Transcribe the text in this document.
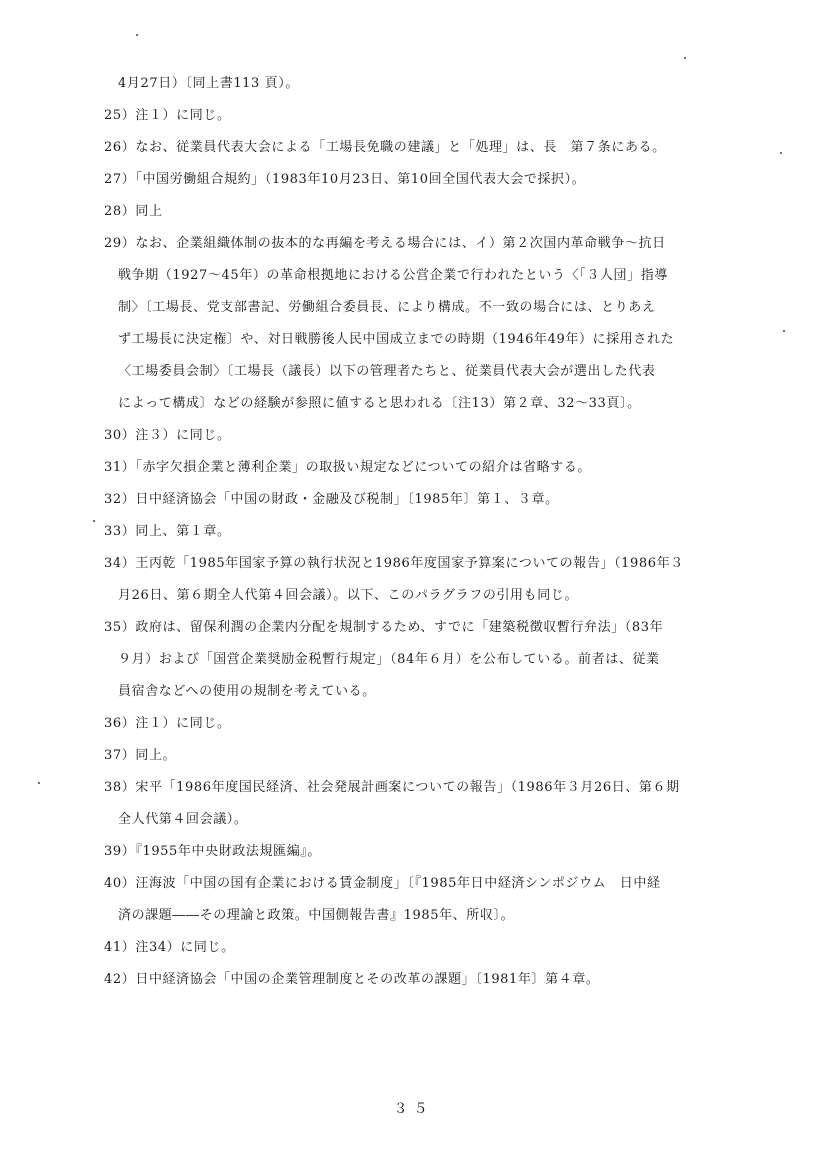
4月27日）〔同上書113 頁）。
25）注１）に同じ。
26）なお、従業員代表大会による「工場長免職の建議」と「処理」は、長　第７条にある。
27）「中国労働組合規約」（1983年10月23日、第10回全国代表大会で採択）。
28）同上
29）なお、企業組織体制の抜本的な再編を考える場合には、イ）第２次国内革命戦争～抗日
戦争期（1927～45年）の革命根拠地における公営企業で行われたという〈「３人団」指導
制〉〔工場長、党支部書記、労働組合委員長、により構成。不一致の場合には、とりあえ
ず工場長に決定権〕や、対日戦勝後人民中国成立までの時期（1946年49年）に採用された
〈工場委員会制〉〔工場長（議長）以下の管理者たちと、従業員代表大会が選出した代表
によって構成〕などの経験が参照に値すると思われる〔注13）第２章、32～33頁〕。
30）注３）に同じ。
31）「赤字欠損企業と薄利企業」の取扱い規定などについての紹介は省略する。
32）日中経済協会「中国の財政・金融及び税制」〔1985年〕第１、３章。
33）同上、第１章。
34）王丙乾「1985年国家予算の執行状況と1986年度国家予算案についての報告」（1986年３
月26日、第６期全人代第４回会議）。以下、このパラグラフの引用も同じ。
35）政府は、留保利潤の企業内分配を規制するため、すでに「建築税徴収暫行弁法」（83年
９月）および「国営企業奨励金税暫行規定」（84年６月）を公布している。前者は、従業
員宿舎などへの使用の規制を考えている。
36）注１）に同じ。
37）同上。
38）宋平「1986年度国民経済、社会発展計画案についての報告」（1986年３月26日、第６期
全人代第４回会議）。
39）『1955年中央財政法規匯編』。
40）汪海波「中国の国有企業における賃金制度」〔『1985年日中経済シンポジウム　日中経
済の課題――その理論と政策。中国側報告書』1985年、所収〕。
41）注34）に同じ。
42）日中経済協会「中国の企業管理制度とその改革の課題」〔1981年〕第４章。
３５
